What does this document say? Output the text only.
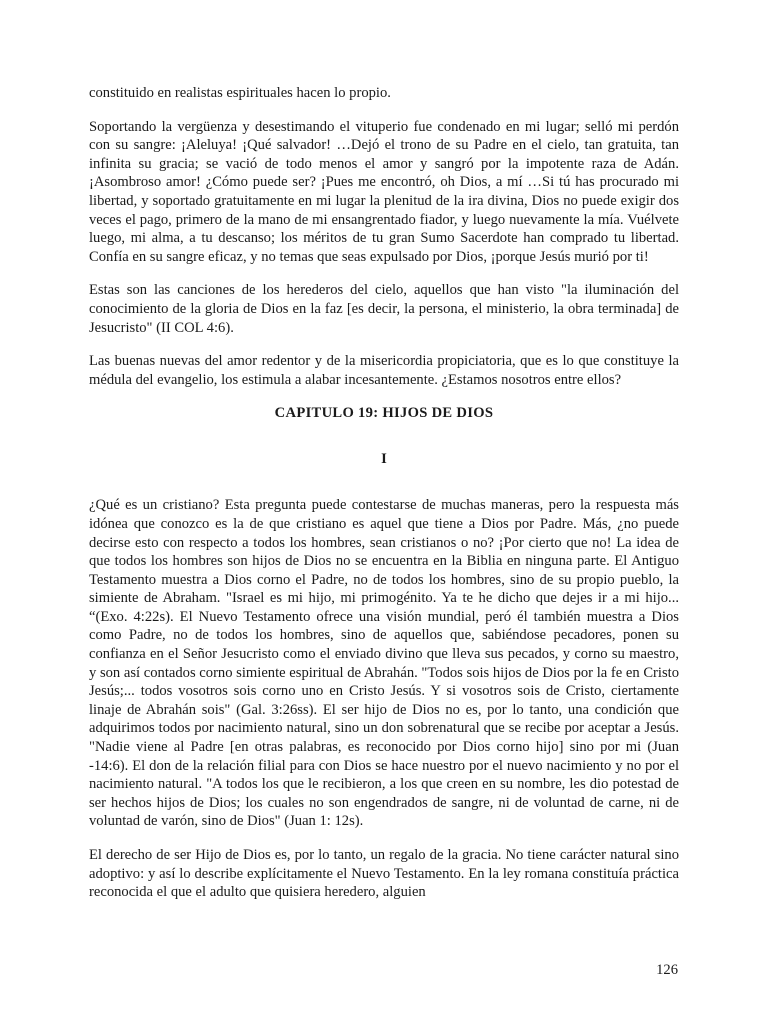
constituido en realistas espirituales hacen lo propio.

Soportando la vergüenza y desestimando el vituperio fue condenado en mi lugar; selló mi perdón con su sangre: ¡Aleluya! ¡Qué salvador! …Dejó el trono de su Padre en el cielo, tan gratuita, tan infinita su gracia; se vació de todo menos el amor y sangró por la impotente raza de Adán. ¡Asombroso amor! ¿Cómo puede ser? ¡Pues me encontró, oh Dios, a mí …Si tú has procurado mi libertad, y soportado gratuitamente en mi lugar la plenitud de la ira divina, Dios no puede exigir dos veces el pago, primero de la mano de mi ensangrentado fiador, y luego nuevamente la mía. Vuélvete luego, mi alma, a tu descanso; los méritos de tu gran Sumo Sacerdote han comprado tu libertad. Confía en su sangre eficaz, y no temas que seas expulsado por Dios, ¡porque Jesús murió por ti!

Estas son las canciones de los herederos del cielo, aquellos que han visto "la iluminación del conocimiento de la gloria de Dios en la faz [es decir, la persona, el ministerio, la obra terminada] de Jesucristo" (II COL 4:6).

Las buenas nuevas del amor redentor y de la misericordia propiciatoria, que es lo que constituye la médula del evangelio, los estimula a alabar incesantemente. ¿Estamos nosotros entre ellos?

CAPITULO 19: HIJOS DE DIOS
I

¿Qué es un cristiano? Esta pregunta puede contestarse de muchas maneras, pero la respuesta más idónea que conozco es la de que cristiano es aquel que tiene a Dios por Padre. Más, ¿no puede decirse esto con respecto a todos los hombres, sean cristianos o no? ¡Por cierto que no! La idea de que todos los hombres son hijos de Dios no se encuentra en la Biblia en ninguna parte. El Antiguo Testamento muestra a Dios corno el Padre, no de todos los hombres, sino de su propio pueblo, la simiente de Abraham. "Israel es mi hijo, mi primogénito. Ya te he dicho que dejes ir a mi hijo... “(Exo. 4:22s). El Nuevo Testamento ofrece una visión mundial, peró él también muestra a Dios como Padre, no de todos los hombres, sino de aquellos que, sabiéndose pecadores, ponen su confianza en el Señor Jesucristo como el enviado divino que lleva sus pecados, y corno su maestro, y son así contados corno simiente espiritual de Abrahán. "Todos sois hijos de Dios por la fe en Cristo Jesús;... todos vosotros sois corno uno en Cristo Jesús. Y si vosotros sois de Cristo, ciertamente linaje de Abrahán sois" (Gal. 3:26ss). El ser hijo de Dios no es, por lo tanto, una condición que adquirimos todos por nacimiento natural, sino un don sobrenatural que se recibe por aceptar a Jesús. "Nadie viene al Padre [en otras palabras, es reconocido por Dios corno hijo] sino por mi (Juan -14:6). El don de la relación filial para con Dios se hace nuestro por el nuevo nacimiento y no por el nacimiento natural. "A todos los que le recibieron, a los que creen en su nombre, les dio potestad de ser hechos hijos de Dios; los cuales no son engendrados de sangre, ni de voluntad de carne, ni de voluntad de varón, sino de Dios" (Juan 1: 12s).

El derecho de ser Hijo de Dios es, por lo tanto, un regalo de la gracia. No tiene carácter natural sino adoptivo: y así lo describe explícitamente el Nuevo Testamento. En la ley romana constituía práctica reconocida el que el adulto que quisiera heredero, alguien

126
